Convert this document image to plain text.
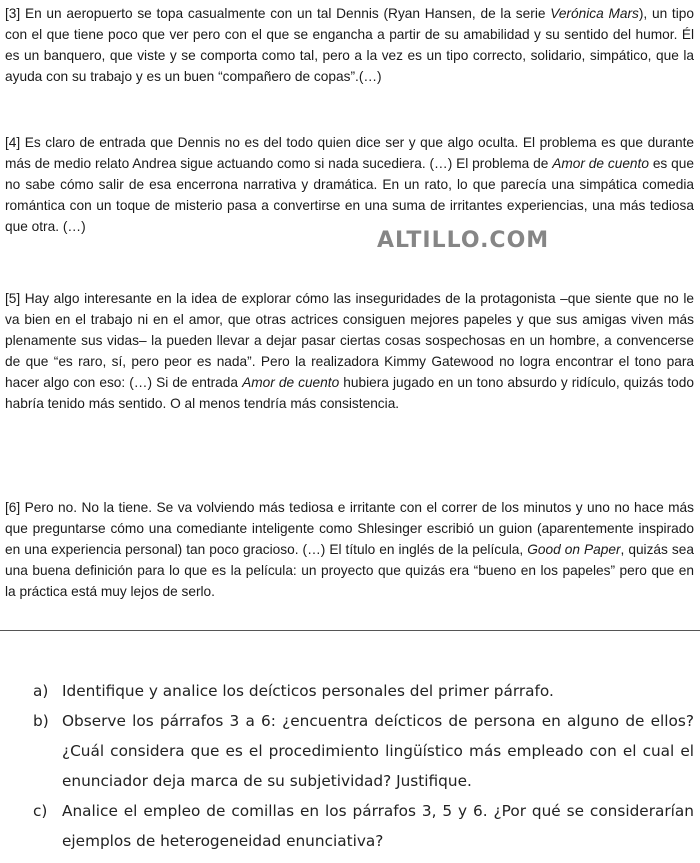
[3] En un aeropuerto se topa casualmente con un tal Dennis (Ryan Hansen, de la serie Verónica Mars), un tipo con el que tiene poco que ver pero con el que se engancha a partir de su amabilidad y su sentido del humor. Él es un banquero, que viste y se comporta como tal, pero a la vez es un tipo correcto, solidario, simpático, que la ayuda con su trabajo y es un buen “compañero de copas”.(…)

[4] Es claro de entrada que Dennis no es del todo quien dice ser y que algo oculta. El problema es que durante más de medio relato Andrea sigue actuando como si nada sucediera. (…) El problema de Amor de cuento es que no sabe cómo salir de esa encerrona narrativa y dramática. En un rato, lo que parecía una simpática comedia romántica con un toque de misterio pasa a convertirse en una suma de irritantes experiencias, una más tediosa que otra. (…)

ALTILLO.COM

[5] Hay algo interesante en la idea de explorar cómo las inseguridades de la protagonista –que siente que no le va bien en el trabajo ni en el amor, que otras actrices consiguen mejores papeles y que sus amigas viven más plenamente sus vidas– la pueden llevar a dejar pasar ciertas cosas sospechosas en un hombre, a convencerse de que “es raro, sí, pero peor es nada”. Pero la realizadora Kimmy Gatewood no logra encontrar el tono para hacer algo con eso: (…) Si de entrada Amor de cuento hubiera jugado en un tono absurdo y ridículo, quizás todo habría tenido más sentido. O al menos tendría más consistencia.

[6] Pero no. No la tiene. Se va volviendo más tediosa e irritante con el correr de los minutos y uno no hace más que preguntarse cómo una comediante inteligente como Shlesinger escribió un guion (aparentemente inspirado en una experiencia personal) tan poco gracioso. (…) El título en inglés de la película, Good on Paper, quizás sea una buena definición para lo que es la película: un proyecto que quizás era “bueno en los papeles” pero que en la práctica está muy lejos de serlo.

a) Identifique y analice los deícticos personales del primer párrafo.
b) Observe los párrafos 3 a 6: ¿encuentra deícticos de persona en alguno de ellos? ¿Cuál considera que es el procedimiento lingüístico más empleado con el cual el enunciador deja marca de su subjetividad? Justifique.
c) Analice el empleo de comillas en los párrafos 3, 5 y 6. ¿Por qué se considerarían ejemplos de heterogeneidad enunciativa?
